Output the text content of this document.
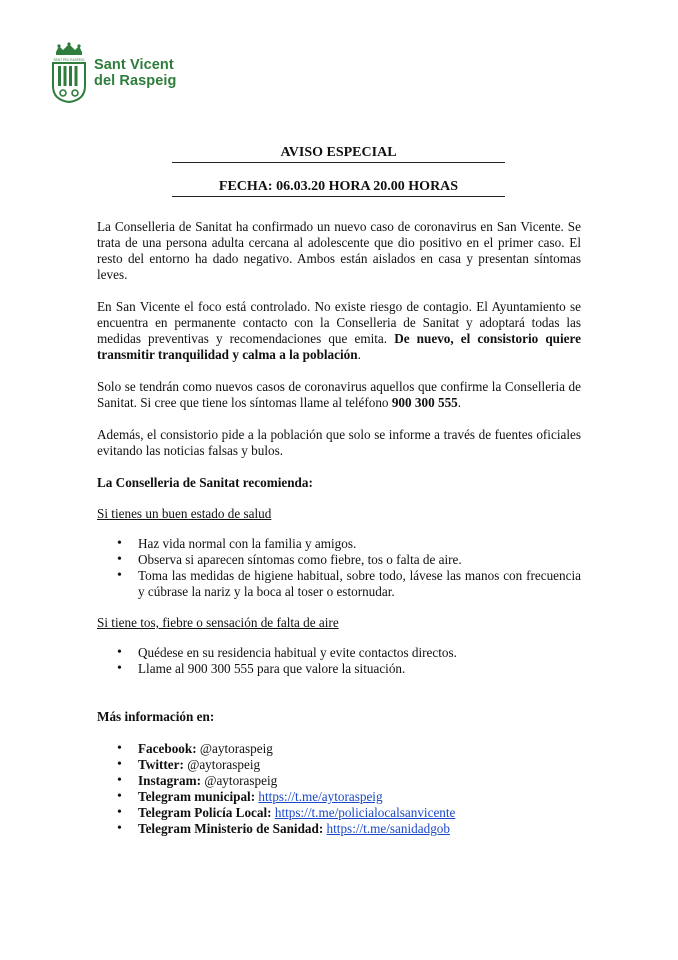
SENT PEU RASPEIG Sant Vicent
del Raspeig
AVISO ESPECIAL
FECHA: 06.03.20 HORA 20.00 HORAS

La Conselleria de Sanitat ha confirmado un nuevo caso de coronavirus en San Vicente. Se trata de una persona adulta cercana al adolescente que dio positivo en el primer caso. El resto del entorno ha dado negativo. Ambos están aislados en casa y presentan síntomas leves.

En San Vicente el foco está controlado. No existe riesgo de contagio. El Ayuntamiento se encuentra en permanente contacto con la Conselleria de Sanitat y adoptará todas las medidas preventivas y recomendaciones que emita. De nuevo, el consistorio quiere transmitir tranquilidad y calma a la población.

Solo se tendrán como nuevos casos de coronavirus aquellos que confirme la Conselleria de Sanitat. Si cree que tiene los síntomas llame al teléfono 900 300 555.

Además, el consistorio pide a la población que solo se informe a través de fuentes oficiales evitando las noticias falsas y bulos.

La Conselleria de Sanitat recomienda:

Si tienes un buen estado de salud

• Haz vida normal con la familia y amigos.
• Observa si aparecen síntomas como fiebre, tos o falta de aire.
• Toma las medidas de higiene habitual, sobre todo, lávese las manos con frecuencia y cúbrase la nariz y la boca al toser o estornudar.

Si tiene tos, fiebre o sensación de falta de aire

• Quédese en su residencia habitual y evite contactos directos.
• Llame al 900 300 555 para que valore la situación.

Más información en:

• Facebook: @aytoraspeig
• Twitter: @aytoraspeig
• Instagram: @aytoraspeig
• Telegram municipal: https://t.me/aytoraspeig
• Telegram Policía Local: https://t.me/policialocalsanvicente
• Telegram Ministerio de Sanidad: https://t.me/sanidadgob
